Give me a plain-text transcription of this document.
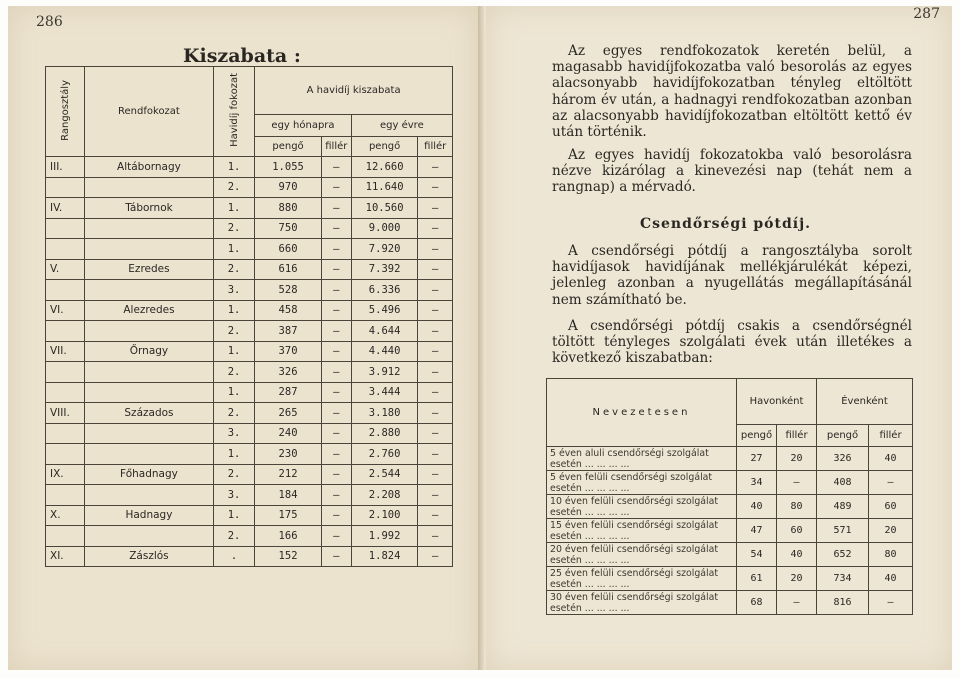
286
Kiszabata :
Rangosztály	Rendfokozat	Havidíj fokozat	A havidíj kiszabata			
			egy hónapra		egy évre	
			pengő	fillér	pengő	fillér
III.	Altábornagy	1.	1.055	—	12.660	—
		2.	970	—	11.640	—
IV.	Tábornok	1.	880	—	10.560	—
		2.	750	—	9.000	—
		1.	660	—	7.920	—
V.	Ezredes	2.	616	—	7.392	—
		3.	528	—	6.336	—
VI.	Alezredes	1.	458	—	5.496	—
		2.	387	—	4.644	—
VII.	Őrnagy	1.	370	—	4.440	—
		2.	326	—	3.912	—
		1.	287	—	3.444	—
VIII.	Százados	2.	265	—	3.180	—
		3.	240	—	2.880	—
		1.	230	—	2.760	—
IX.	Főhadnagy	2.	212	—	2.544	—
		3.	184	—	2.208	—
X.	Hadnagy	1.	175	—	2.100	—
		2.	166	—	1.992	—
XI.	Zászlós	.	152	—	1.824	—
287
Az egyes rendfokozatok keretén belül, a magasabb havidíjfokozatba való besorolás az egyes alacsonyabb havidíjfokozatban tényleg eltöltött három év után, a hadnagyi rendfokozatban azonban az alacsonyabb havidíjfokozatban eltöltött kettő év után történik.
Az egyes havidíj fokozatokba való besorolásra nézve kizárólag a kinevezési nap (tehát nem a rangnap) a mérvadó.
Csendőrségi pótdíj.
A csendőrségi pótdíj a rangosztályba sorolt havidíjasok havidíjának mellékjárulékát képezi, jelenleg azonban a nyugellátás megállapításánál nem számítható be.
A csendőrségi pótdíj csakis a csendőrségnél töltött tényleges szolgálati évek után illetékes a következő kiszabatban:
Nevezetesen	Havonként		Évenként	
	pengő	fillér	pengő	fillér
5 éven aluli csendőrségi szolgálat esetén ... ... ... ...	27	20	326	40
5 éven felüli csendőrségi szolgálat esetén ... ... ... ...	34	—	408	—
10 éven felüli csendőrségi szolgálat esetén ... ... ... ...	40	80	489	60
15 éven felüli csendőrségi szolgálat esetén ... ... ... ...	47	60	571	20
20 éven felüli csendőrségi szolgálat esetén ... ... ... ...	54	40	652	80
25 éven felüli csendőrségi szolgálat esetén ... ... ... ...	61	20	734	40
30 éven felüli csendőrségi szolgálat esetén ... ... ... ...	68	—	816	—
